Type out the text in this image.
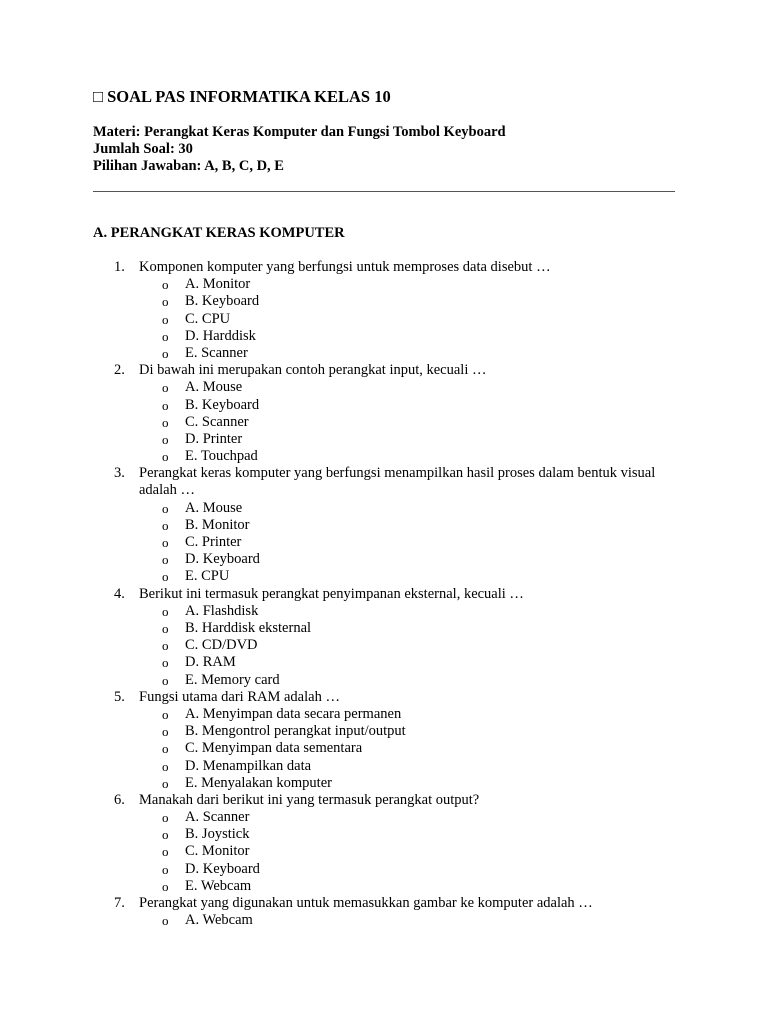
□ SOAL PAS INFORMATIKA KELAS 10
Materi: Perangkat Keras Komputer dan Fungsi Tombol Keyboard
Jumlah Soal: 30
Pilihan Jawaban: A, B, C, D, E
A. PERANGKAT KERAS KOMPUTER
1. Komponen komputer yang berfungsi untuk memproses data disebut …
o A. Monitor
o B. Keyboard
o C. CPU
o D. Harddisk
o E. Scanner
2. Di bawah ini merupakan contoh perangkat input, kecuali …
o A. Mouse
o B. Keyboard
o C. Scanner
o D. Printer
o E. Touchpad
3. Perangkat keras komputer yang berfungsi menampilkan hasil proses dalam bentuk visual adalah …
o A. Mouse
o B. Monitor
o C. Printer
o D. Keyboard
o E. CPU
4. Berikut ini termasuk perangkat penyimpanan eksternal, kecuali …
o A. Flashdisk
o B. Harddisk eksternal
o C. CD/DVD
o D. RAM
o E. Memory card
5. Fungsi utama dari RAM adalah …
o A. Menyimpan data secara permanen
o B. Mengontrol perangkat input/output
o C. Menyimpan data sementara
o D. Menampilkan data
o E. Menyalakan komputer
6. Manakah dari berikut ini yang termasuk perangkat output?
o A. Scanner
o B. Joystick
o C. Monitor
o D. Keyboard
o E. Webcam
7. Perangkat yang digunakan untuk memasukkan gambar ke komputer adalah …
o A. Webcam
